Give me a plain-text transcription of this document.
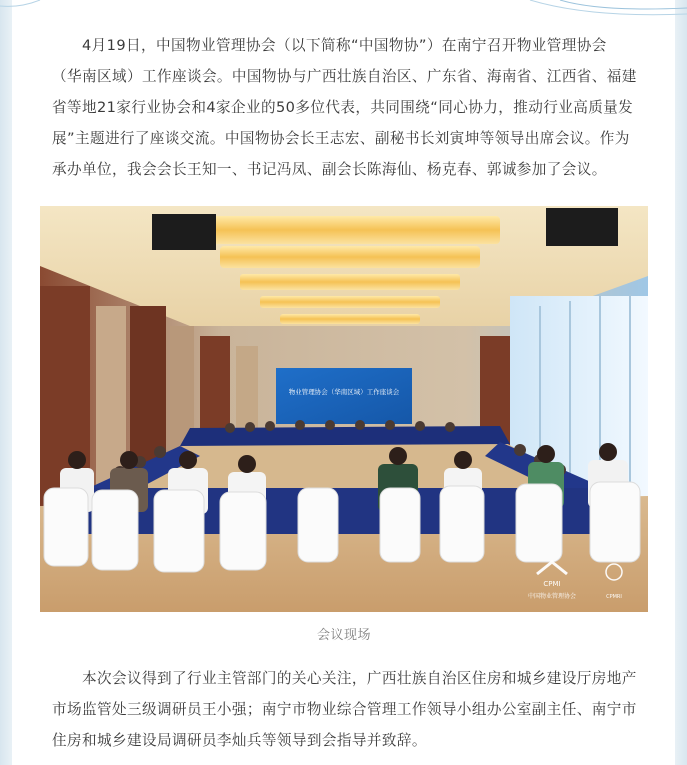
4月19日，中国物业管理协会（以下简称“中国物协”）在南宁召开物业管理协会
（华南区域）工作座谈会。中国物协与广西壮族自治区、广东省、海南省、江西省、福建
省等地21家行业协会和4家企业的50多位代表，共同围绕“同心协力，推动行业高质量发
展”主题进行了座谈交流。中国物协会长王志宏、副秘书长刘寅坤等领导出席会议。作为
承办单位，我会会长王知一、书记冯凤、副会长陈海仙、杨克春、郭诚参加了会议。
物业管理协会（华南区域）工作座谈会
CPMI
中国物业管理协会	CPMRI
会议现场
本次会议得到了行业主管部门的关心关注，广西壮族自治区住房和城乡建设厅房地产
市场监管处三级调研员王小强；南宁市物业综合管理工作领导小组办公室副主任、南宁市
住房和城乡建设局调研员李灿兵等领导到会指导并致辞。
